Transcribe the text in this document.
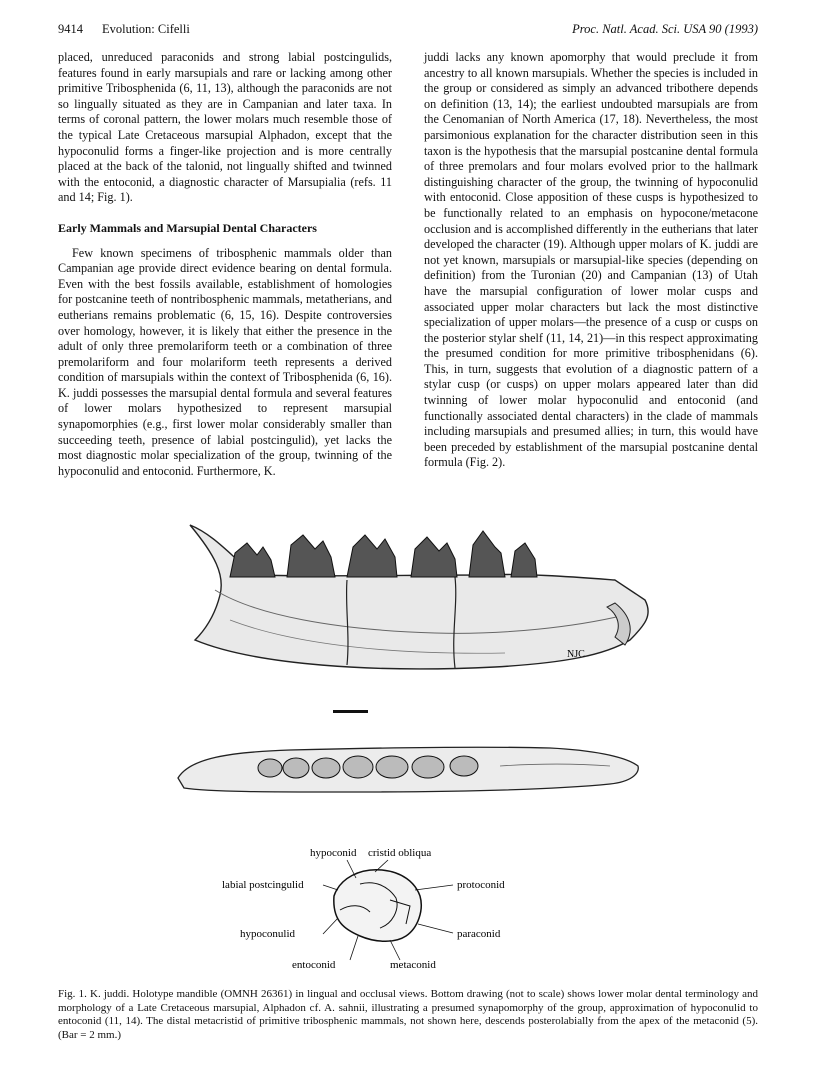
9414 Evolution: Cifelli	Proc. Natl. Acad. Sci. USA 90 (1993)

placed, unreduced paraconids and strong labial postcingulids, features found in early marsupials and rare or lacking among other primitive Tribosphenida (6, 11, 13), although the paraconids are not so lingually situated as they are in Campanian and later taxa. In terms of coronal pattern, the lower molars much resemble those of the typical Late Cretaceous marsupial Alphadon, except that the hypoconulid forms a finger-like projection and is more centrally placed at the back of the talonid, not lingually shifted and twinned with the entoconid, a diagnostic character of Marsupialia (refs. 11 and 14; Fig. 1).

Early Mammals and Marsupial Dental Characters

Few known specimens of tribosphenic mammals older than Campanian age provide direct evidence bearing on dental formula. Even with the best fossils available, establishment of homologies for postcanine teeth of nontribosphenic mammals, metatherians, and eutherians remains problematic (6, 15, 16). Despite controversies over homology, however, it is likely that either the presence in the adult of only three premolariform teeth or a combination of three premolariform and four molariform teeth represents a derived condition of marsupials within the context of Tribosphenida (6, 16). K. juddi possesses the marsupial dental formula and several features of lower molars hypothesized to represent marsupial synapomorphies (e.g., first lower molar considerably smaller than succeeding teeth, presence of labial postcingulid), yet lacks the most diagnostic molar specialization of the group, twinning of the hypoconulid and entoconid. Furthermore, K.

juddi lacks any known apomorphy that would preclude it from ancestry to all known marsupials. Whether the species is included in the group or considered as simply an advanced tribothere depends on definition (13, 14); the earliest undoubted marsupials are from the Cenomanian of North America (17, 18). Nevertheless, the most parsimonious explanation for the character distribution seen in this taxon is the hypothesis that the marsupial postcanine dental formula of three premolars and four molars evolved prior to the hallmark distinguishing character of the group, the twinning of hypoconulid with entoconid. Close apposition of these cusps is hypothesized to be functionally related to an emphasis on hypocone/metacone occlusion and is accomplished differently in the eutherians that later developed the character (19). Although upper molars of K. juddi are not yet known, marsupials or marsupial-like species (depending on definition) from the Turonian (20) and Campanian (13) of Utah have the marsupial configuration of lower molar cusps and associated upper molar characters but lack the most distinctive specialization of upper molars—the presence of a cusp or cusps on the posterior stylar shelf (11, 14, 21)—in this respect approximating the presumed condition for more primitive tribosphenidans (6). This, in turn, suggests that evolution of a diagnostic pattern of a stylar cusp (or cusps) on upper molars appeared later than did twinning of lower molar hypoconulid and entoconid (and functionally associated dental characters) in the clade of mammals including marsupials and presumed allies; in turn, this would have been preceded by establishment of the marsupial postcanine dental formula (Fig. 2).

NJC
hypoconid cristid obliqua
labial postcingulid	protoconid
hypoconulid	paraconid
entoconid	metaconid
Fig. 1. K. juddi. Holotype mandible (OMNH 26361) in lingual and occlusal views. Bottom drawing (not to scale) shows lower molar dental terminology and morphology of a Late Cretaceous marsupial, Alphadon cf. A. sahnii, illustrating a presumed synapomorphy of the group, approximation of hypoconulid to entoconid (11, 14). The distal metacristid of primitive tribosphenic mammals, not shown here, descends posterolabially from the apex of the metaconid (5). (Bar = 2 mm.)
